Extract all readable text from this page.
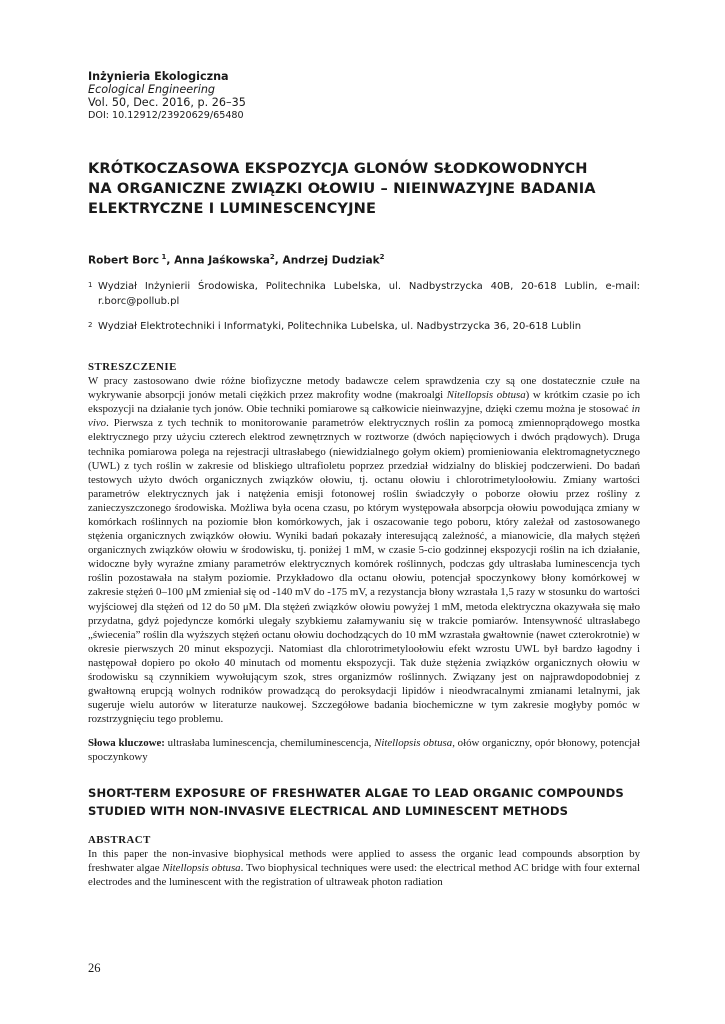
Inżynieria Ekologiczna
Ecological Engineering
Vol. 50, Dec. 2016, p. 26–35
DOI: 10.12912/23920629/65480
KRÓTKOCZASOWA EKSPOZYCJA GLONÓW SŁODKOWODNYCH
NA ORGANICZNE ZWIĄZKI OŁOWIU – NIEINWAZYJNE BADANIA
ELEKTRYCZNE I LUMINESCENCYJNE
Robert Borc $^1$, Anna Jaśkowska$^2$, Andrzej Dudziak$^2$
1 Wydział Inżynierii Środowiska, Politechnika Lubelska, ul. Nadbystrzycka 40B, 20-618 Lublin, e-mail: r.borc@pollub.pl
2 Wydział Elektrotechniki i Informatyki, Politechnika Lubelska, ul. Nadbystrzycka 36, 20-618 Lublin
STRESZCZENIE
W pracy zastosowano dwie różne biofizyczne metody badawcze celem sprawdzenia czy są one dostatecznie czułe na wykrywanie absorpcji jonów metali ciężkich przez makrofity wodne (makroalgi Nitellopsis obtusa) w krótkim czasie po ich ekspozycji na działanie tych jonów. Obie techniki pomiarowe są całkowicie nieinwazyjne, dzięki czemu można je stosować in vivo. Pierwsza z tych technik to monitorowanie parametrów elektrycznych roślin za pomocą zmiennoprądowego mostka elektrycznego przy użyciu czterech elektrod zewnętrznych w roztworze (dwóch napięciowych i dwóch prądowych). Druga technika pomiarowa polega na rejestracji ultrasłabego (niewidzialnego gołym okiem) promieniowania elektromagnetycznego (UWL) z tych roślin w zakresie od bliskiego ultrafioletu poprzez przedział widzialny do bliskiej podczerwieni. Do badań testowych użyto dwóch organicznych związków ołowiu, tj. octanu ołowiu i chlorotrimetyloołowiu. Zmiany wartości parametrów elektrycznych jak i natężenia emisji fotonowej roślin świadczyły o poborze ołowiu przez rośliny z zanieczyszczonego środowiska. Możliwa była ocena czasu, po którym występowała absorpcja ołowiu powodująca zmiany w komórkach roślinnych na poziomie błon komórkowych, jak i oszacowanie tego poboru, który zależał od zastosowanego stężenia organicznych związków ołowiu. Wyniki badań pokazały interesującą zależność, a mianowicie, dla małych stężeń organicznych związków ołowiu w środowisku, tj. poniżej 1 mM, w czasie 5-cio godzinnej ekspozycji roślin na ich działanie, widoczne były wyraźne zmiany parametrów elektrycznych komórek roślinnych, podczas gdy ultrasłaba luminescencja tych roślin pozostawała na stałym poziomie. Przykładowo dla octanu ołowiu, potencjał spoczynkowy błony komórkowej w zakresie stężeń 0–100 μM zmieniał się od -140 mV do -175 mV, a rezystancja błony wzrastała 1,5 razy w stosunku do wartości wyjściowej dla stężeń od 12 do 50 μM. Dla stężeń związków ołowiu powyżej 1 mM, metoda elektryczna okazywała się mało przydatna, gdyż pojedyncze komórki ulegały szybkiemu załamywaniu się w trakcie pomiarów. Intensywność ultrasłabego „świecenia” roślin dla wyższych stężeń octanu ołowiu dochodzących do 10 mM wzrastała gwałtownie (nawet czterokrotnie) w okresie pierwszych 20 minut ekspozycji. Natomiast dla chlorotrimetyloołowiu efekt wzrostu UWL był bardzo łagodny i następował dopiero po około 40 minutach od momentu ekspozycji. Tak duże stężenia związków organicznych ołowiu w środowisku są czynnikiem wywołującym szok, stres organizmów roślinnych. Związany jest on najprawdopodobniej z gwałtowną erupcją wolnych rodników prowadzącą do peroksydacji lipidów i nieodwracalnymi zmianami letalnymi, jak sugeruje wielu autorów w literaturze naukowej. Szczegółowe badania biochemiczne w tym zakresie mogłyby pomóc w rozstrzygnięciu tego problemu.
Słowa kluczowe: ultrasłaba luminescencja, chemiluminescencja, Nitellopsis obtusa, ołów organiczny, opór błonowy, potencjał spoczynkowy
SHORT-TERM EXPOSURE OF FRESHWATER ALGAE TO LEAD ORGANIC COMPOUNDS
STUDIED WITH NON-INVASIVE ELECTRICAL AND LUMINESCENT METHODS
ABSTRACT
In this paper the non-invasive biophysical methods were applied to assess the organic lead compounds absorption by freshwater algae Nitellopsis obtusa. Two biophysical techniques were used: the electrical method AC bridge with four external electrodes and the luminescent with the registration of ultraweak photon radiation
26
